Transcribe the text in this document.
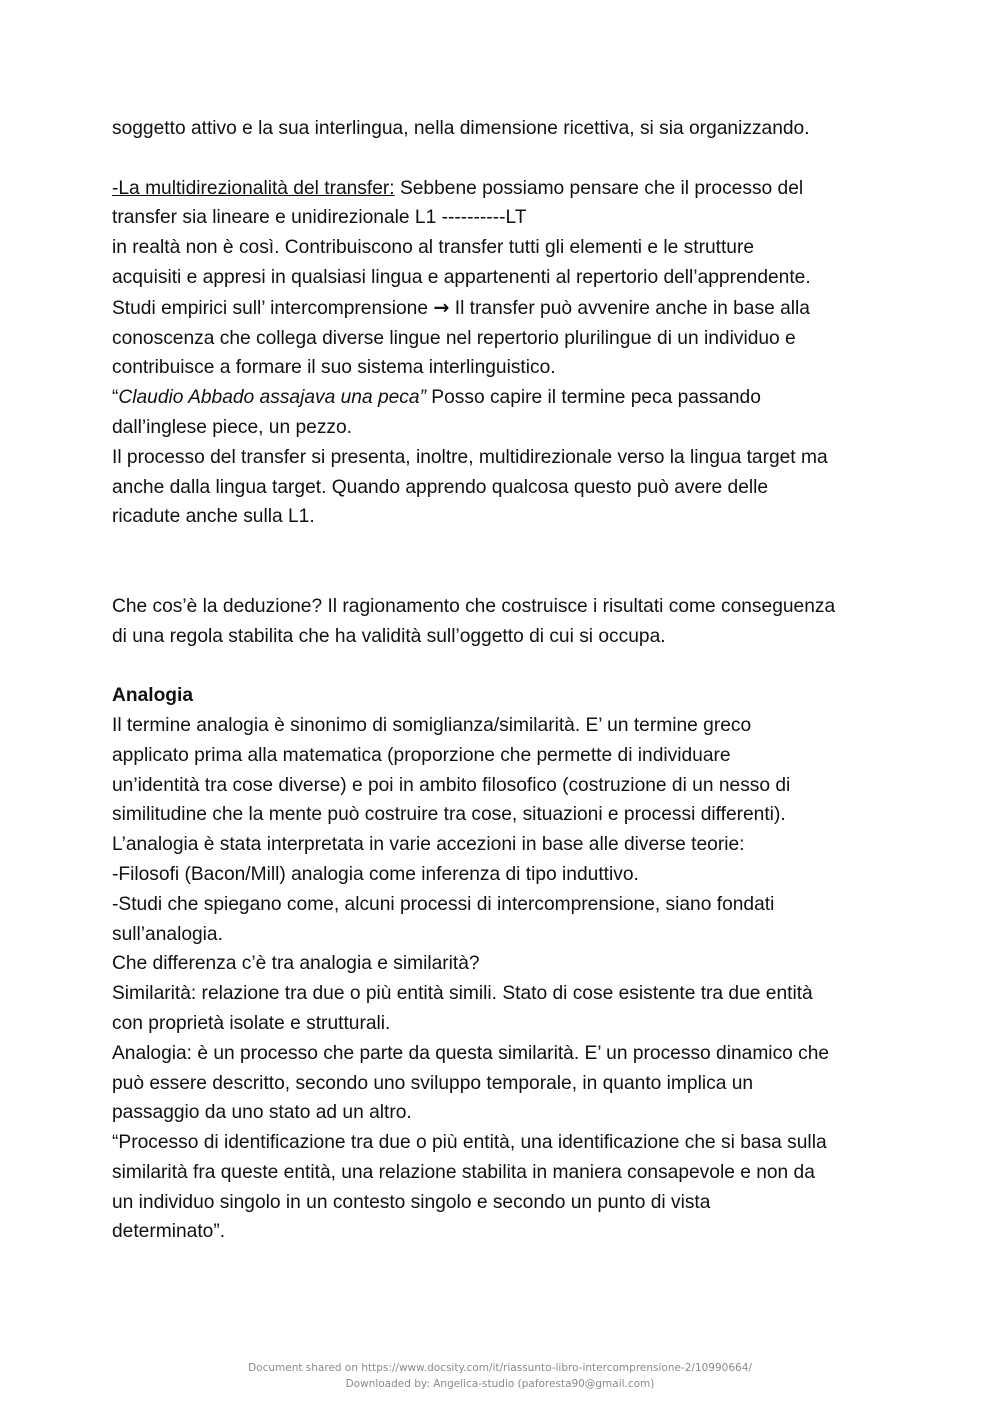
soggetto attivo e la sua interlingua, nella dimensione ricettiva, si sia organizzando.
-La multidirezionalità del transfer: Sebbene possiamo pensare che il processo del
transfer sia lineare e unidirezionale L1 ----------LT
in realtà non è così. Contribuiscono al transfer tutti gli elementi e le strutture
acquisiti e appresi in qualsiasi lingua e appartenenti al repertorio dell’apprendente.
Studi empirici sull’ intercomprensione → Il transfer può avvenire anche in base alla
conoscenza che collega diverse lingue nel repertorio plurilingue di un individuo e
contribuisce a formare il suo sistema interlinguistico.
“Claudio Abbado assajava una peca” Posso capire il termine peca passando
dall’inglese piece, un pezzo.
Il processo del transfer si presenta, inoltre, multidirezionale verso la lingua target ma
anche dalla lingua target. Quando apprendo qualcosa questo può avere delle
ricadute anche sulla L1.
Che cos’è la deduzione? Il ragionamento che costruisce i risultati come conseguenza
di una regola stabilita che ha validità sull’oggetto di cui si occupa.
Analogia
Il termine analogia è sinonimo di somiglianza/similarità. E’ un termine greco
applicato prima alla matematica (proporzione che permette di individuare
un’identità tra cose diverse) e poi in ambito filosofico (costruzione di un nesso di
similitudine che la mente può costruire tra cose, situazioni e processi differenti).
L’analogia è stata interpretata in varie accezioni in base alle diverse teorie:
-Filosofi (Bacon/Mill) analogia come inferenza di tipo induttivo.
-Studi che spiegano come, alcuni processi di intercomprensione, siano fondati
sull’analogia.
Che differenza c’è tra analogia e similarità?
Similarità: relazione tra due o più entità simili. Stato di cose esistente tra due entità
con proprietà isolate e strutturali.
Analogia: è un processo che parte da questa similarità. E’ un processo dinamico che
può essere descritto, secondo uno sviluppo temporale, in quanto implica un
passaggio da uno stato ad un altro.
“Processo di identificazione tra due o più entità, una identificazione che si basa sulla
similarità fra queste entità, una relazione stabilita in maniera consapevole e non da
un individuo singolo in un contesto singolo e secondo un punto di vista
determinato”.
Document shared on https://www.docsity.com/it/riassunto-libro-intercomprensione-2/10990664/
Downloaded by: Angelica-studio (paforesta90@gmail.com)
